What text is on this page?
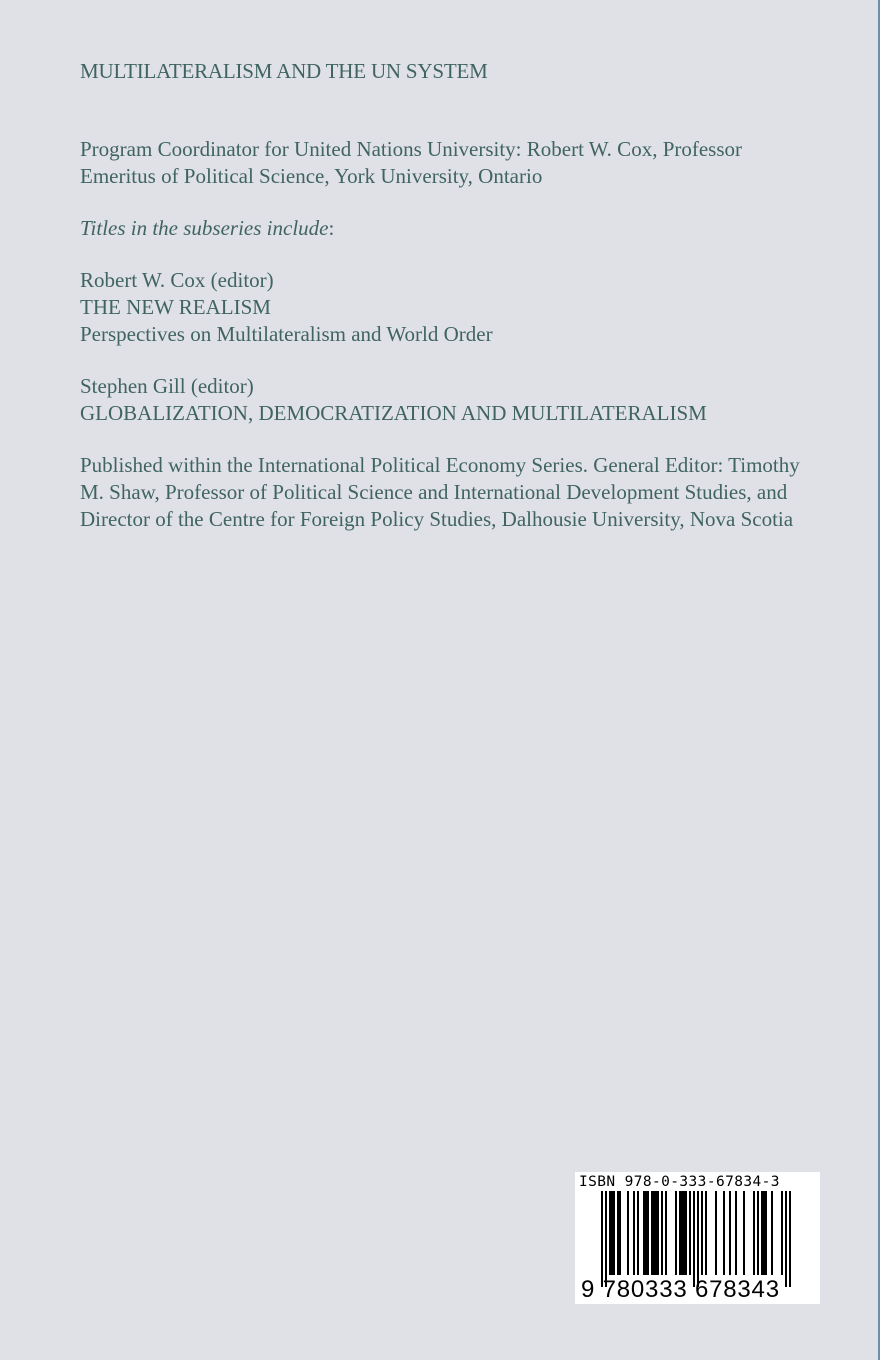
MULTILATERALISM AND THE UN SYSTEM
Program Coordinator for United Nations University: Robert W. Cox, Professor
Emeritus of Political Science, York University, Ontario
Titles in the subseries include:
Robert W. Cox (editor)
THE NEW REALISM
Perspectives on Multilateralism and World Order
Stephen Gill (editor)
GLOBALIZATION, DEMOCRATIZATION AND MULTILATERALISM
Published within the International Political Economy Series. General Editor: Timothy
M. Shaw, Professor of Political Science and International Development Studies, and
Director of the Centre for Foreign Policy Studies, Dalhousie University, Nova Scotia
ISBN 978-0-333-67834-3
9 780333 678343
